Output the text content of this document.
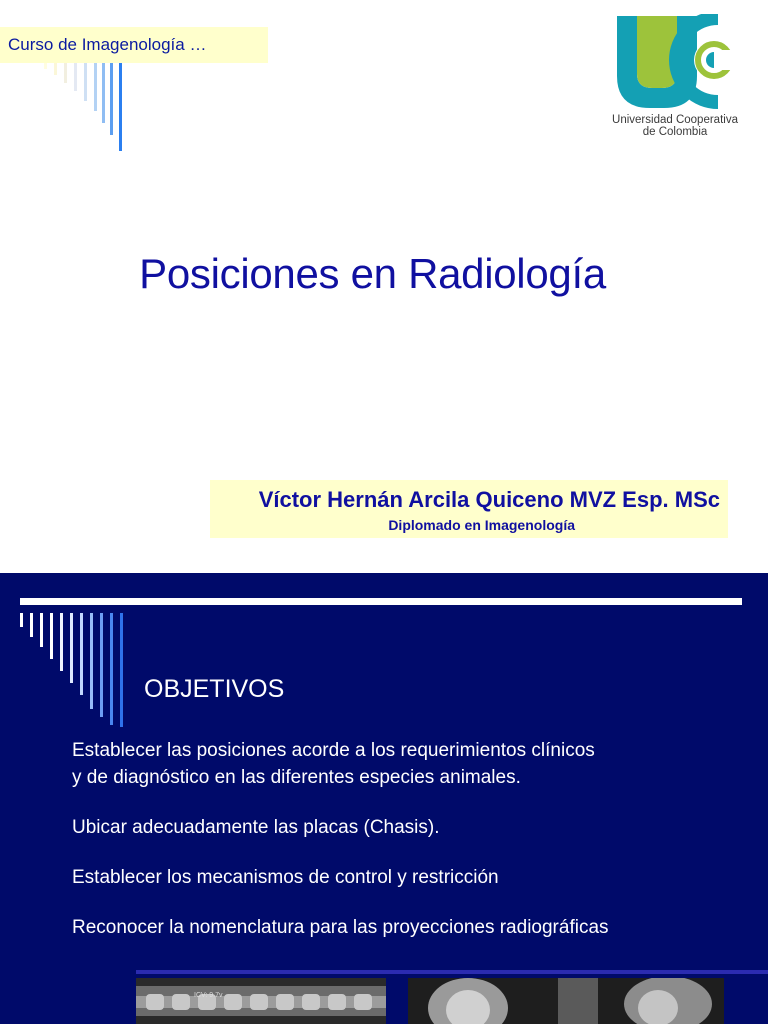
Curso de Imagenología …
Universidad Cooperativa
de Colombia
Posiciones en Radiología
Víctor Hernán Arcila Quiceno MVZ Esp. MSc
Diplomado en Imagenología
OBJETIVOS
Establecer las posiciones acorde a los requerimientos clínicos
y de diagnóstico en las diferentes especies animales.
Ubicar adecuadamente las placas (Chasis).
Establecer los mecanismos de control y restricción
Reconocer la nomenclatura para las proyecciones radiográficas
ICV: 9.7v
